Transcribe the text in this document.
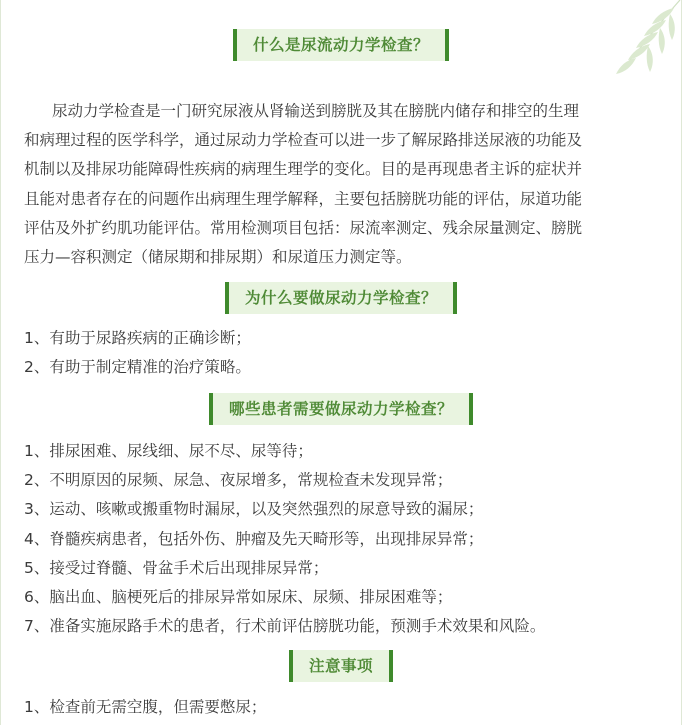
什么是尿流动力学检查？
尿动力学检查是一门研究尿液从肾输送到膀胱及其在膀胱内储存和排空的生理
和病理过程的医学科学，通过尿动力学检查可以进一步了解尿路排送尿液的功能及
机制以及排尿功能障碍性疾病的病理生理学的变化。目的是再现患者主诉的症状并
且能对患者存在的问题作出病理生理学解释，主要包括膀胱功能的评估，尿道功能
评估及外扩约肌功能评估。常用检测项目包括：尿流率测定、残余尿量测定、膀胱
压力—容积测定（储尿期和排尿期）和尿道压力测定等。
为什么要做尿动力学检查？
1、有助于尿路疾病的正确诊断；
2、有助于制定精准的治疗策略。
哪些患者需要做尿动力学检查？
1、排尿困难、尿线细、尿不尽、尿等待；
2、不明原因的尿频、尿急、夜尿增多，常规检查未发现异常；
3、运动、咳嗽或搬重物时漏尿，以及突然强烈的尿意导致的漏尿；
4、脊髓疾病患者，包括外伤、肿瘤及先天畸形等，出现排尿异常；
5、接受过脊髓、骨盆手术后出现排尿异常；
6、脑出血、脑梗死后的排尿异常如尿床、尿频、排尿困难等；
7、准备实施尿路手术的患者，行术前评估膀胱功能，预测手术效果和风险。
注意事项
1、检查前无需空腹，但需要憋尿；
